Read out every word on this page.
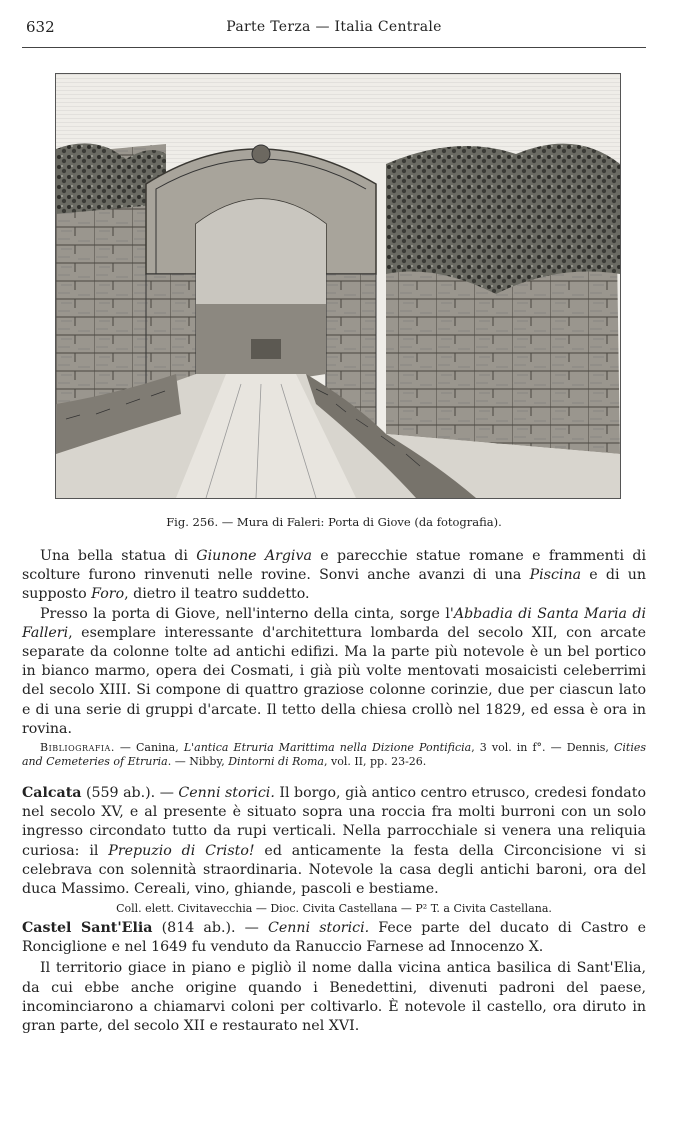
632	Parte Terza — Italia Centrale
Fig. 256. — Mura di Faleri: Porta di Giove (da fotografia).

Una bella statua di Giunone Argiva e parecchie statue romane e frammenti di scolture furono rinvenuti nelle rovine. Sonvi anche avanzi di una Piscina e di un supposto Foro, dietro il teatro suddetto.

Presso la porta di Giove, nell'interno della cinta, sorge l'Abbadia di Santa Maria di Falleri, esemplare interessante d'architettura lombarda del secolo XII, con arcate separate da colonne tolte ad antichi edifizi. Ma la parte più notevole è un bel portico in bianco marmo, opera dei Cosmati, i già più volte mentovati mosaicisti celeberrimi del secolo XIII. Si compone di quattro graziose colonne corinzie, due per ciascun lato e di una serie di gruppi d'arcate. Il tetto della chiesa crollò nel 1829, ed essa è ora in rovina.

Bibliografia. — Canina, L'antica Etruria Marittima nella Dizione Pontificia, 3 vol. in f°. — Dennis, Cities and Cemeteries of Etruria. — Nibby, Dintorni di Roma, vol. II, pp. 23-26.

Calcata (559 ab.). — Cenni storici. Il borgo, già antico centro etrusco, credesi fondato nel secolo XV, e al presente è situato sopra una roccia fra molti burroni con un solo ingresso circondato tutto da rupi verticali. Nella parrocchiale si venera una reliquia curiosa: il Prepuzio di Cristo! ed anticamente la festa della Circoncisione vi si celebrava con solennità straordinaria. Notevole la casa degli antichi baroni, ora del duca Massimo. Cereali, vino, ghiande, pascoli e bestiame.

Coll. elett. Civitavecchia — Dioc. Civita Castellana — P² T. a Civita Castellana.

Castel Sant'Elia (814 ab.). — Cenni storici. Fece parte del ducato di Castro e Ronciglione e nel 1649 fu venduto da Ranuccio Farnese ad Innocenzo X.

Il territorio giace in piano e pigliò il nome dalla vicina antica basilica di Sant'Elia, da cui ebbe anche origine quando i Benedettini, divenuti padroni del paese, incominciarono a chiamarvi coloni per coltivarlo. È notevole il castello, ora diruto in gran parte, del secolo XII e restaurato nel XVI.
